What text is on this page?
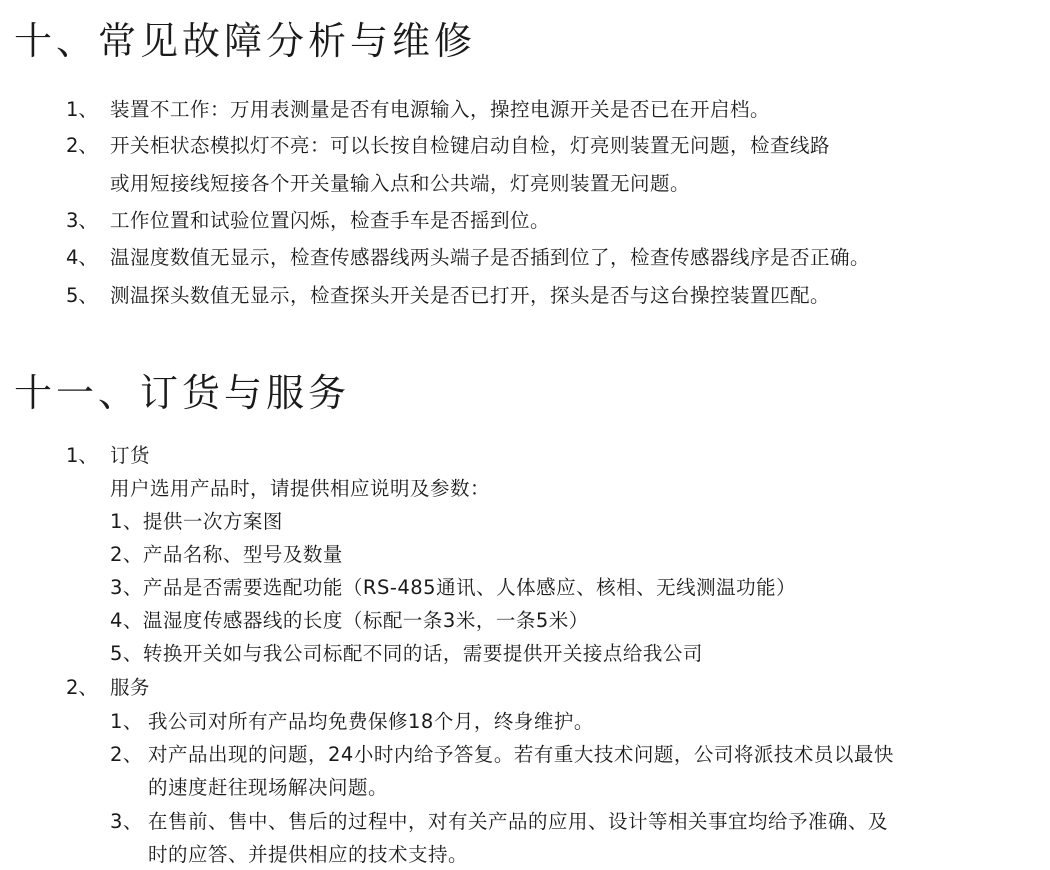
十、常见故障分析与维修
1、 装置不工作：万用表测量是否有电源输入，操控电源开关是否已在开启档。
2、 开关柜状态模拟灯不亮：可以长按自检键启动自检，灯亮则装置无问题，检查线路
或用短接线短接各个开关量输入点和公共端，灯亮则装置无问题。
3、 工作位置和试验位置闪烁，检查手车是否摇到位。
4、 温湿度数值无显示，检查传感器线两头端子是否插到位了，检查传感器线序是否正确。
5、 测温探头数值无显示，检查探头开关是否已打开，探头是否与这台操控装置匹配。
十一、订货与服务
1、 订货
用户选用产品时，请提供相应说明及参数：
1、提供一次方案图
2、产品名称、型号及数量
3、产品是否需要选配功能（RS-485通讯、人体感应、核相、无线测温功能）
4、温湿度传感器线的长度（标配一条3米，一条5米）
5、转换开关如与我公司标配不同的话，需要提供开关接点给我公司
2、 服务
1、 我公司对所有产品均免费保修18个月，终身维护。
2、 对产品出现的问题，24小时内给予答复。若有重大技术问题，公司将派技术员以最快
的速度赶往现场解决问题。
3、 在售前、售中、售后的过程中，对有关产品的应用、设计等相关事宜均给予准确、及
时的应答、并提供相应的技术支持。
